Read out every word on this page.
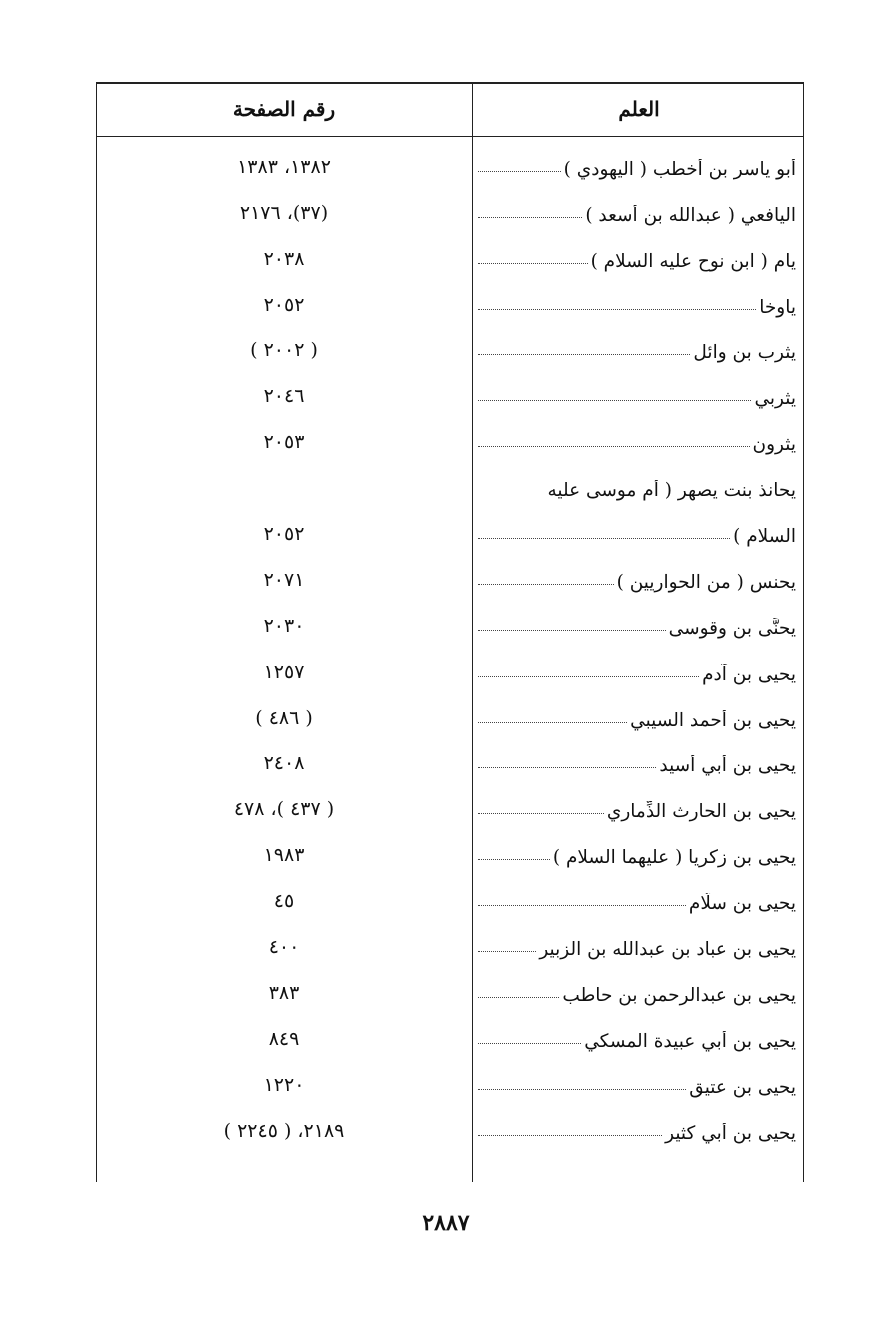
العلم
رقم الصفحة
أبو ياسر بن أخطب ( اليهودي )
١٣٨٢، ١٣٨٣
اليافعي ( عبدالله بن أسعد )
(٣٧)، ٢١٧٦
يام ( ابن نوح عليه السلام )
٢٠٣٨
ياوخا
٢٠٥٢
يثرب بن وائل
( ٢٠٠٢ )
يثربي
٢٠٤٦
يثرون
٢٠٥٣
يحانذ بنت يصهر ( أم موسى عليه
السلام )
٢٠٥٢
يحنس ( من الحواريين )
٢٠٧١
يحنَّى بن وقوسى
٢٠٣٠
يحيى بن آدم
١٢٥٧
يحيى بن أحمد السيبي
( ٤٨٦ )
يحيى بن أبي أسيد
٢٤٠٨
يحيى بن الحارث الذِّماري
( ٤٣٧ )، ٤٧٨
يحيى بن زكريا ( عليهما السلام )
١٩٨٣
يحيى بن سلَّام
٤٥
يحيى بن عباد بن عبدالله بن الزبير
٤٠٠
يحيى بن عبدالرحمن بن حاطب
٣٨٣
يحيى بن أبي عبيدة المسكي
٨٤٩
يحيى بن عتيق
١٢٢٠
يحيى بن أبي كثير
٢١٨٩، ( ٢٢٤٥ )
٢٨٨٧
